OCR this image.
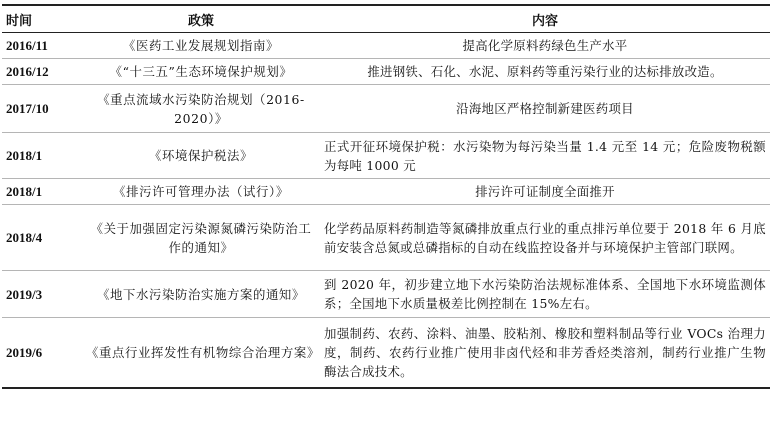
时间	政策	内容
2016/11	《医药工业发展规划指南》	提高化学原料药绿色生产水平
2016/12	《“十三五”生态环境保护规划》	推进钢铁、石化、水泥、原料药等重污染行业的达标排放改造。
2017/10	《重点流域水污染防治规划（2016-2020）》	沿海地区严格控制新建医药项目
2018/1	《环境保护税法》	正式开征环境保护税：水污染物为每污染当量 1.4 元至 14 元；危险废物税额为每吨 1000 元
2018/1	《排污许可管理办法（试行）》	排污许可证制度全面推开
2018/4	《关于加强固定污染源氮磷污染防治工作的通知》	化学药品原料药制造等氮磷排放重点行业的重点排污单位要于 2018 年 6 月底前安装含总氮或总磷指标的自动在线监控设备并与环境保护主管部门联网。
2019/3	《地下水污染防治实施方案的通知》	到 2020 年，初步建立地下水污染防治法规标准体系、全国地下水环境监测体系；全国地下水质量极差比例控制在 15%左右。
2019/6	《重点行业挥发性有机物综合治理方案》	加强制药、农药、涂料、油墨、胶粘剂、橡胶和塑料制品等行业 VOCs 治理力度，制药、农药行业推广使用非卤代烃和非芳香烃类溶剂，制药行业推广生物酶法合成技术。
